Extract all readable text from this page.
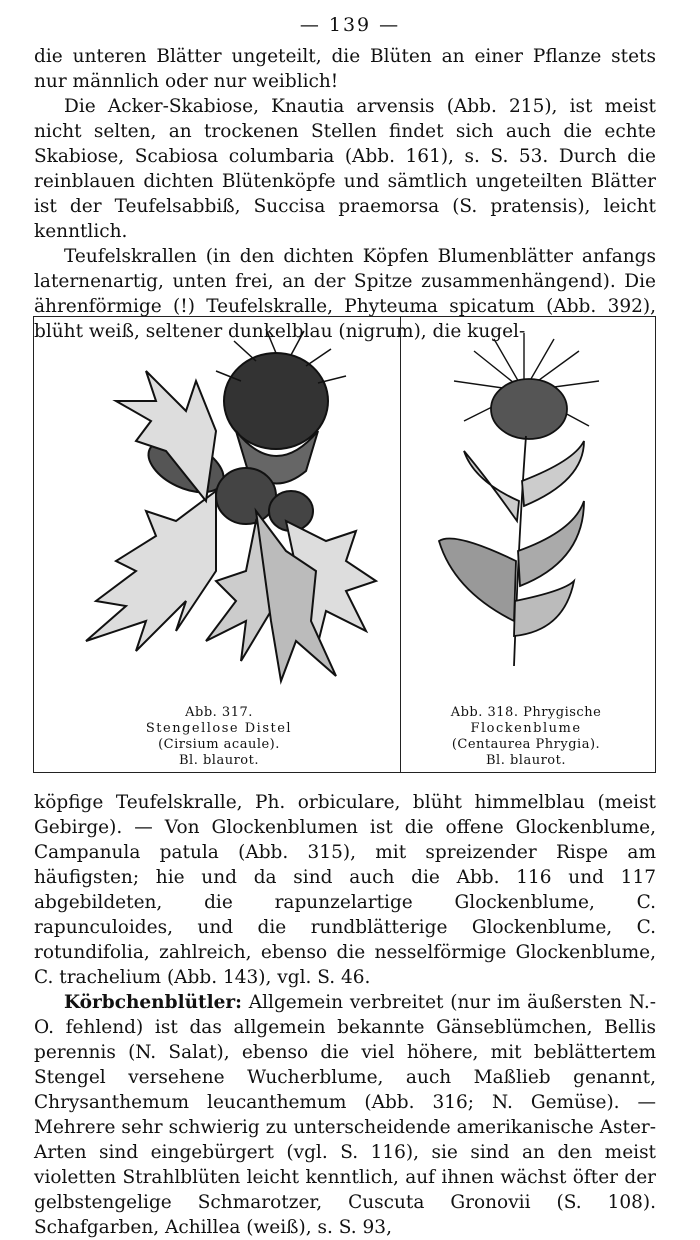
— 139 —

die unteren Blätter ungeteilt, die Blüten an einer Pflanze stets nur männlich oder nur weiblich!

Die Acker-Skabiose, Knautia arvensis (Abb. 215), ist meist nicht selten, an trockenen Stellen findet sich auch die echte Skabiose, Scabiosa columbaria (Abb. 161), s. S. 53. Durch die reinblauen dichten Blütenköpfe und sämtlich ungeteilten Blätter ist der Teufelsabbiß, Succisa praemorsa (S. pratensis), leicht kenntlich.

Teufelskrallen (in den dichten Köpfen Blumenblätter anfangs laternenartig, unten frei, an der Spitze zusammenhängend). Die ährenförmige (!) Teufelskralle, Phyteuma spicatum (Abb. 392), blüht weiß, seltener dunkelblau (nigrum), die kugel-

Abb. 317.
Stengellose Distel
(Cirsium acaule).
Bl. blaurot.
Abb. 318. Phrygische
Flockenblume
(Centaurea Phrygia).
Bl. blaurot.

köpfige Teufelskralle, Ph. orbiculare, blüht himmelblau (meist Gebirge). — Von Glockenblumen ist die offene Glockenblume, Campanula patula (Abb. 315), mit spreizender Rispe am häufigsten; hie und da sind auch die Abb. 116 und 117 abgebildeten, die rapunzelartige Glockenblume, C. rapunculoides, und die rundblätterige Glockenblume, C. rotundifolia, zahlreich, ebenso die nesselförmige Glockenblume, C. trachelium (Abb. 143), vgl. S. 46.

Körbchenblütler: Allgemein verbreitet (nur im äußersten N.-O. fehlend) ist das allgemein bekannte Gänseblümchen, Bellis perennis (N. Salat), ebenso die viel höhere, mit beblättertem Stengel versehene Wucherblume, auch Maßlieb genannt, Chrysanthemum leucanthemum (Abb. 316; N. Gemüse). — Mehrere sehr schwierig zu unterscheidende amerikanische Aster-Arten sind eingebürgert (vgl. S. 116), sie sind an den meist violetten Strahlblüten leicht kenntlich, auf ihnen wächst öfter der gelbstengelige Schmarotzer, Cuscuta Gronovii (S. 108). Schafgarben, Achillea (weiß), s. S. 93,
